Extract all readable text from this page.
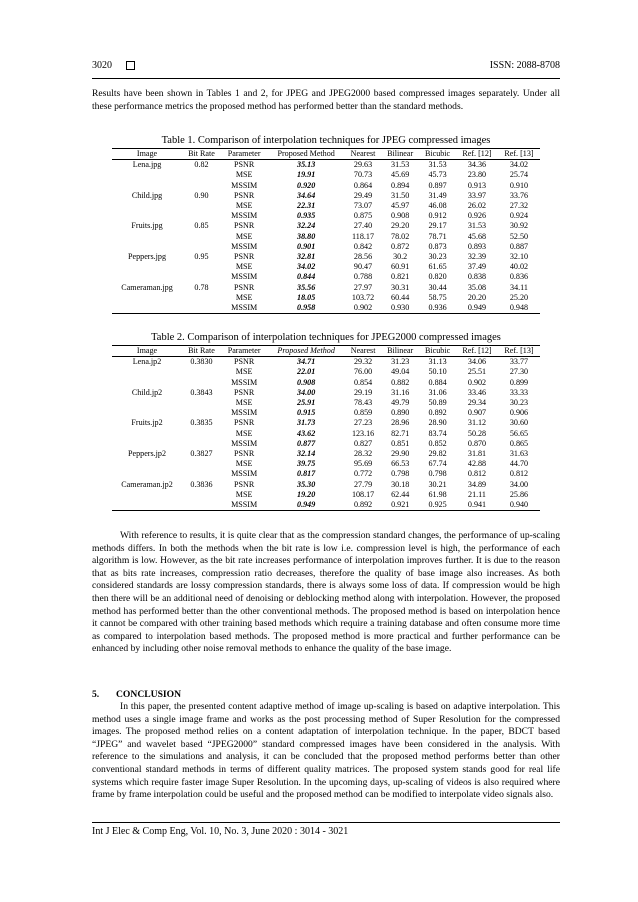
3020	ISSN: 2088-8708

Results have been shown in Tables 1 and 2, for JPEG and JPEG2000 based compressed images separately. Under all these performance metrics the proposed method has performed better than the standard methods.

Table 1. Comparison of interpolation techniques for JPEG compressed images
Image	Bit Rate	Parameter	Proposed Method	Nearest	Bilinear	Bicubic	Ref. [12]	Ref. [13]
Lena.jpg	0.82	PSNR	35.13	29.63	31.53	31.53	34.36	34.02
		MSE	19.91	70.73	45.69	45.73	23.80	25.74
		MSSIM	0.920	0.864	0.894	0.897	0.913	0.910
Child.jpg	0.90	PSNR	34.64	29.49	31.50	31.49	33.97	33.76
		MSE	22.31	73.07	45.97	46.08	26.02	27.32
		MSSIM	0.935	0.875	0.908	0.912	0.926	0.924
Fruits.jpg	0.85	PSNR	32.24	27.40	29.20	29.17	31.53	30.92
		MSE	38.80	118.17	78.02	78.71	45.68	52.50
		MSSIM	0.901	0.842	0.872	0.873	0.893	0.887
Peppers.jpg	0.95	PSNR	32.81	28.56	30.2	30.23	32.39	32.10
		MSE	34.02	90.47	60.91	61.65	37.49	40.02
		MSSIM	0.844	0.788	0.821	0.820	0.838	0.836
Cameraman.jpg	0.78	PSNR	35.56	27.97	30.31	30.44	35.08	34.11
		MSE	18.05	103.72	60.44	58.75	20.20	25.20
		MSSIM	0.958	0.902	0.930	0.936	0.949	0.948
Table 2. Comparison of interpolation techniques for JPEG2000 compressed images
Image	Bit Rate	Parameter	Proposed Method	Nearest	Bilinear	Bicubic	Ref. [12]	Ref. [13]
Lena.jp2	0.3830	PSNR	34.71	29.32	31.23	31.13	34.06	33.77
		MSE	22.01	76.00	49.04	50.10	25.51	27.30
		MSSIM	0.908	0.854	0.882	0.884	0.902	0.899
Child.jp2	0.3843	PSNR	34.00	29.19	31.16	31.06	33.46	33.33
		MSE	25.91	78.43	49.79	50.89	29.34	30.23
		MSSIM	0.915	0.859	0.890	0.892	0.907	0.906
Fruits.jp2	0.3835	PSNR	31.73	27.23	28.96	28.90	31.12	30.60
		MSE	43.62	123.16	82.71	83.74	50.28	56.65
		MSSIM	0.877	0.827	0.851	0.852	0.870	0.865
Peppers.jp2	0.3827	PSNR	32.14	28.32	29.90	29.82	31.81	31.63
		MSE	39.75	95.69	66.53	67.74	42.88	44.70
		MSSIM	0.817	0.772	0.798	0.798	0.812	0.812
Cameraman.jp2	0.3836	PSNR	35.30	27.79	30.18	30.21	34.89	34.00
		MSE	19.20	108.17	62.44	61.98	21.11	25.86
		MSSIM	0.949	0.892	0.921	0.925	0.941	0.940

With reference to results, it is quite clear that as the compression standard changes, the performance of up-scaling methods differs. In both the methods when the bit rate is low i.e. compression level is high, the performance of each algorithm is low. However, as the bit rate increases performance of interpolation improves further. It is due to the reason that as bits rate increases, compression ratio decreases, therefore the quality of base image also increases. As both considered standards are lossy compression standards, there is always some loss of data. If compression would be high then there will be an additional need of denoising or deblocking method along with interpolation. However, the proposed method has performed better than the other conventional methods. The proposed method is based on interpolation hence it cannot be compared with other training based methods which require a training database and often consume more time as compared to interpolation based methods. The proposed method is more practical and further performance can be enhanced by including other noise removal methods to enhance the quality of the base image.

5. CONCLUSION

In this paper, the presented content adaptive method of image up-scaling is based on adaptive interpolation. This method uses a single image frame and works as the post processing method of Super Resolution for the compressed images. The proposed method relies on a content adaptation of interpolation technique. In the paper, BDCT based “JPEG” and wavelet based “JPEG2000” standard compressed images have been considered in the analysis. With reference to the simulations and analysis, it can be concluded that the proposed method performs better than other conventional standard methods in terms of different quality matrices. The proposed system stands good for real life systems which require faster image Super Resolution. In the upcoming days, up-scaling of videos is also required where frame by frame interpolation could be useful and the proposed method can be modified to interpolate video signals also.

Int J Elec & Comp Eng, Vol. 10, No. 3, June 2020 : 3014 - 3021
